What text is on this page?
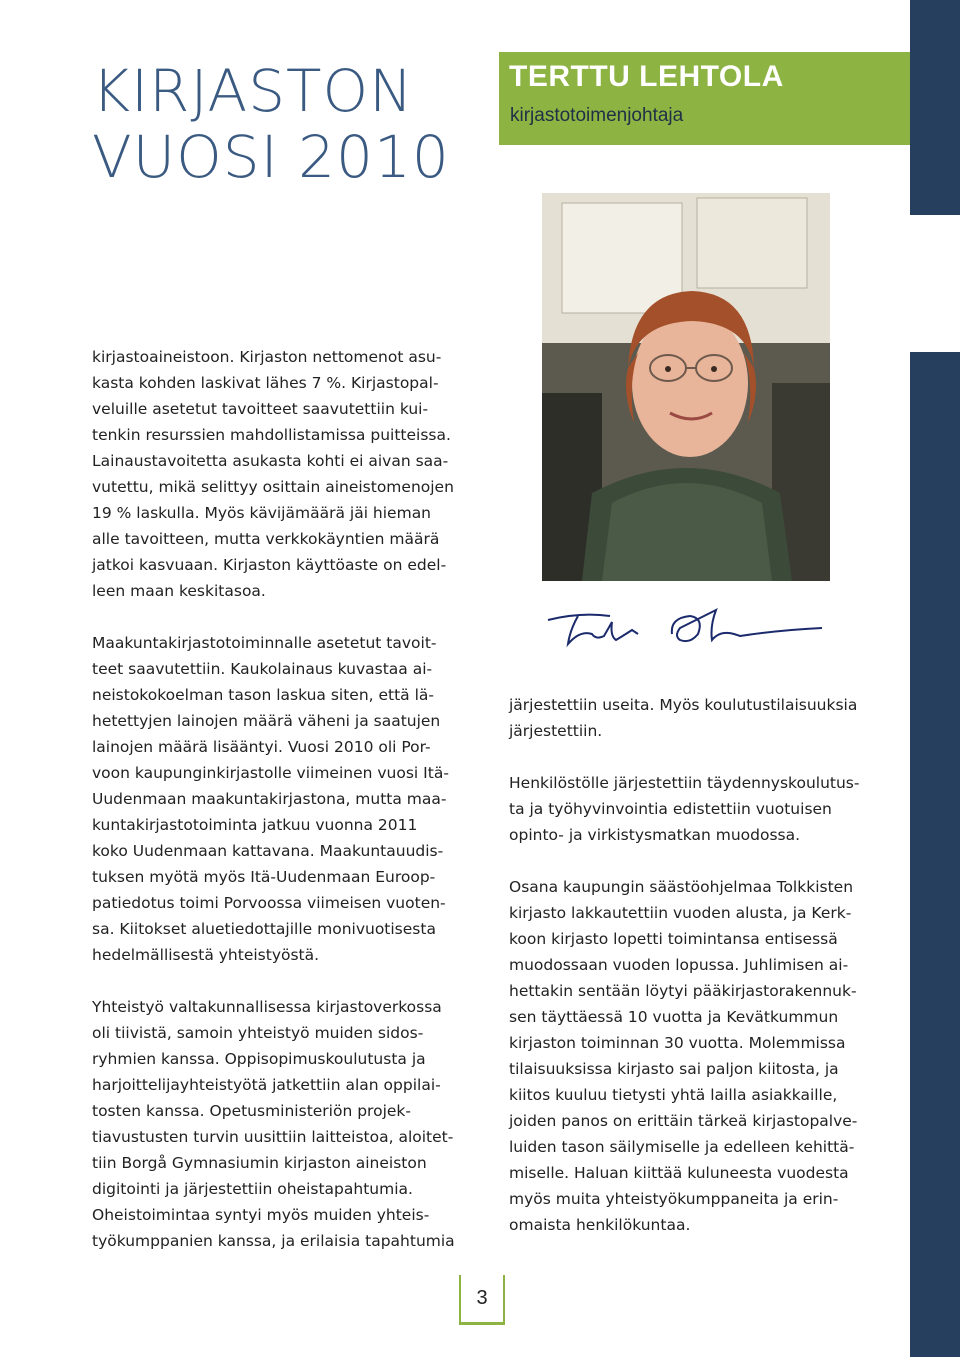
KIRJASTON
VUOSI 2010
TERTTU LEHTOLA
kirjastotoimenjohtaja

kirjastoaineistoon. Kirjaston nettomenot asu-
kasta kohden laskivat lähes 7 %. Kirjastopal-
veluille asetetut tavoitteet saavutettiin kui-
tenkin resurssien mahdollistamissa puitteissa.
Lainaustavoitetta asukasta kohti ei aivan saa-
vutettu, mikä selittyy osittain aineistomenojen
19 % laskulla. Myös kävijämäärä jäi hieman
alle tavoitteen, mutta verkkokäyntien määrä
jatkoi kasvuaan. Kirjaston käyttöaste on edel-
leen maan keskitasoa.

Maakuntakirjastotoiminnalle asetetut tavoit-
teet saavutettiin. Kaukolainaus kuvastaa ai-
neistokokoelman tason laskua siten, että lä-
hetettyjen lainojen määrä väheni ja saatujen
lainojen määrä lisääntyi. Vuosi 2010 oli Por-
voon kaupunginkirjastolle viimeinen vuosi Itä-
Uudenmaan maakuntakirjastona, mutta maa-
kuntakirjastotoiminta jatkuu vuonna 2011
koko Uudenmaan kattavana. Maakuntauudis-
tuksen myötä myös Itä-Uudenmaan Euroop-
patiedotus toimi Porvoossa viimeisen vuoten-
sa. Kiitokset aluetiedottajille monivuotisesta
hedelmällisestä yhteistyöstä.

Yhteistyö valtakunnallisessa kirjastoverkossa
oli tiivistä, samoin yhteistyö muiden sidos-
ryhmien kanssa. Oppisopimuskoulutusta ja
harjoittelijayhteistyötä jatkettiin alan oppilai-
tosten kanssa. Opetusministeriön projek-
tiavustusten turvin uusittiin laitteistoa, aloitet-
tiin Borgå Gymnasiumin kirjaston aineiston
digitointi ja järjestettiin oheistapahtumia.
Oheistoimintaa syntyi myös muiden yhteis-
työkumppanien kanssa, ja erilaisia tapahtumia

järjestettiin useita. Myös koulutustilaisuuksia
järjestettiin.

Henkilöstölle järjestettiin täydennyskoulutus-
ta ja työhyvinvointia edistettiin vuotuisen
opinto- ja virkistysmatkan muodossa.

Osana kaupungin säästöohjelmaa Tolkkisten
kirjasto lakkautettiin vuoden alusta, ja Kerk-
koon kirjasto lopetti toimintansa entisessä
muodossaan vuoden lopussa. Juhlimisen ai-
hettakin sentään löytyi pääkirjastorakennuk-
sen täyttäessä 10 vuotta ja Kevätkummun
kirjaston toiminnan 30 vuotta. Molemmissa
tilaisuuksissa kirjasto sai paljon kiitosta, ja
kiitos kuuluu tietysti yhtä lailla asiakkaille,
joiden panos on erittäin tärkeä kirjastopalve-
luiden tason säilymiselle ja edelleen kehittä-
miselle. Haluan kiittää kuluneesta vuodesta
myös muita yhteistyökumppaneita ja erin-
omaista henkilökuntaa.

3
